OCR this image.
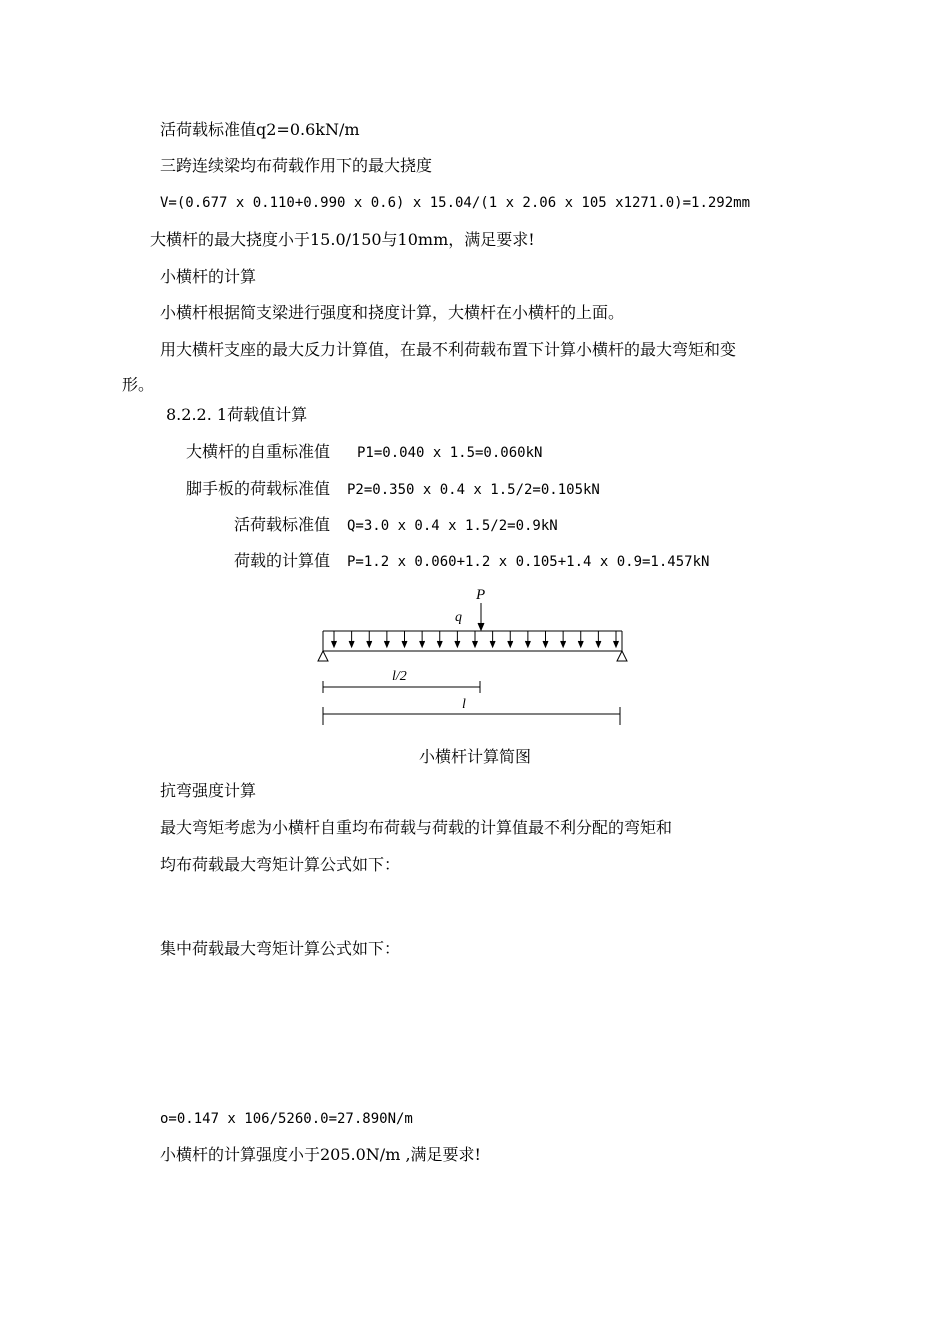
活荷载标准值q2=0.6kN/m
三跨连续梁均布荷载作用下的最大挠度
V=(0.677 x 0.110+0.990 x 0.6) x 15.04/(1 x 2.06 x 105 x1271.0)=1.292mm
大横杆的最大挠度小于15.0/150与10mm，满足要求!
小横杆的计算
小横杆根据简支梁进行强度和挠度计算，大横杆在小横杆的上面。
用大横杆支座的最大反力计算值，在最不利荷载布置下计算小横杆的最大弯矩和变
形。
8.2.2. 1荷载值计算
大横杆的自重标准值 P1=0.040 x 1.5=0.060kN
脚手板的荷载标准值 P2=0.350 x 0.4 x 1.5/2=0.105kN
活荷载标准值 Q=3.0 x 0.4 x 1.5/2=0.9kN
荷载的计算值 P=1.2 x 0.060+1.2 x 0.105+1.4 x 0.9=1.457kN
P
q
l/2
l
小横杆计算简图
抗弯强度计算
最大弯矩考虑为小横杆自重均布荷载与荷载的计算值最不利分配的弯矩和
均布荷载最大弯矩计算公式如下：
集中荷载最大弯矩计算公式如下：
o=0.147 x 106/5260.0=27.890N/m
小横杆的计算强度小于205.0N/m ,满足要求!
